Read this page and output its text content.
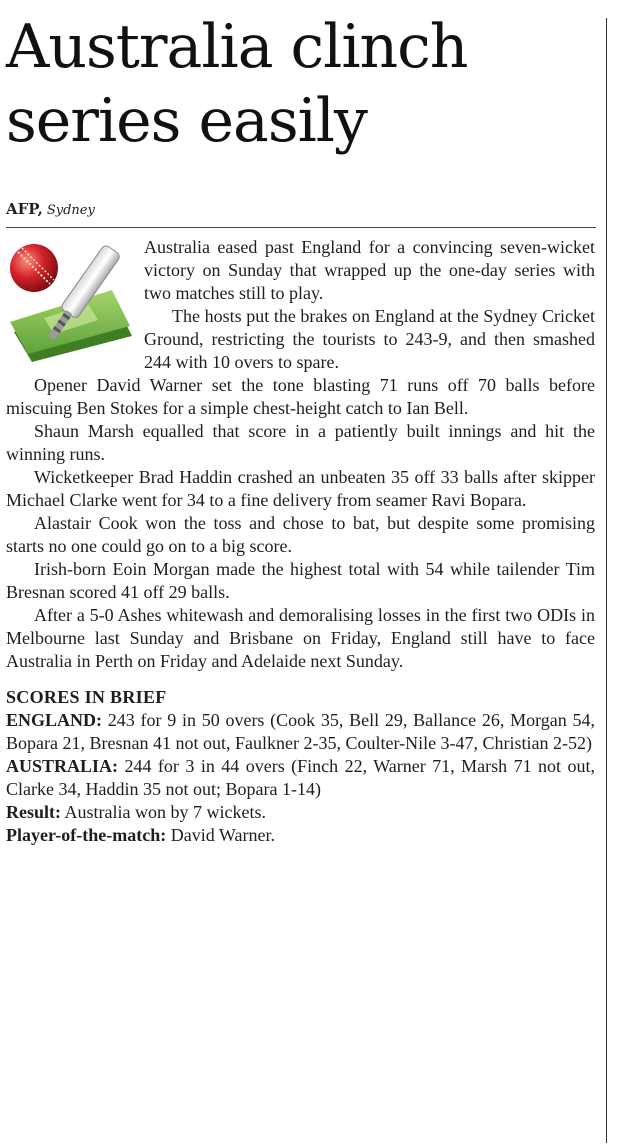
Australia clinch series easily
AFP, Sydney

Australia eased past England for a convincing seven-wicket victory on Sunday that wrapped up the one-day series with two matches still to play.

The hosts put the brakes on England at the Sydney Cricket Ground, restricting the tourists to 243-9, and then smashed 244 with 10 overs to spare.

Opener David Warner set the tone blasting 71 runs off 70 balls before miscuing Ben Stokes for a simple chest-height catch to Ian Bell.

Shaun Marsh equalled that score in a patiently built innings and hit the winning runs.

Wicketkeeper Brad Haddin crashed an unbeaten 35 off 33 balls after skipper Michael Clarke went for 34 to a fine delivery from seamer Ravi Bopara.

Alastair Cook won the toss and chose to bat, but despite some promising starts no one could go on to a big score.

Irish-born Eoin Morgan made the highest total with 54 while tailender Tim Bresnan scored 41 off 29 balls.

After a 5-0 Ashes whitewash and demoralising losses in the first two ODIs in Melbourne last Sunday and Brisbane on Friday, England still have to face Australia in Perth on Friday and Adelaide next Sunday.

SCORES IN BRIEF

ENGLAND: 243 for 9 in 50 overs (Cook 35, Bell 29, Ballance 26, Morgan 54, Bopara 21, Bresnan 41 not out, Faulkner 2-35, Coulter-Nile 3-47, Christian 2-52)

AUSTRALIA: 244 for 3 in 44 overs (Finch 22, Warner 71, Marsh 71 not out, Clarke 34, Haddin 35 not out; Bopara 1-14)

Result: Australia won by 7 wickets.

Player-of-the-match: David Warner.
